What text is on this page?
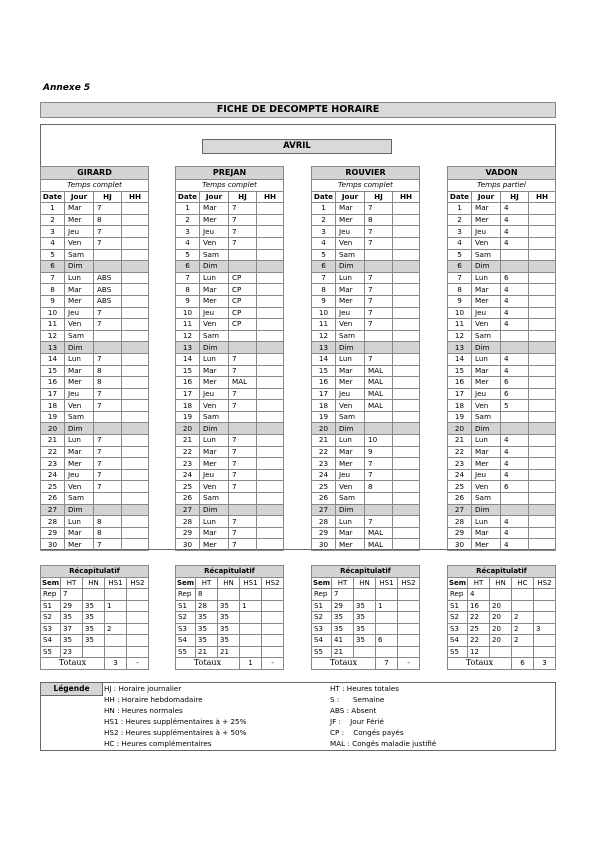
Annexe 5
FICHE DE DECOMPTE HORAIRE
AVRIL
GIRARD			
Temps complet			
Date	Jour	HJ	HH
1	Mar	7	
2	Mer	8	
3	Jeu	7	
4	Ven	7	
5	Sam		
6	Dim		
7	Lun	ABS	
8	Mar	ABS	
9	Mer	ABS	
10	Jeu	7	
11	Ven	7	
12	Sam		
13	Dim		
14	Lun	7	
15	Mar	8	
16	Mer	8	
17	Jeu	7	
18	Ven	7	
19	Sam		
20	Dim		
21	Lun	7	
22	Mar	7	
23	Mer	7	
24	Jeu	7	
25	Ven	7	
26	Sam		
27	Dim		
28	Lun	8	
29	Mar	8	
30	Mer	7	
PREJAN			
Temps complet			
Date	Jour	HJ	HH
1	Mar	7	
2	Mer	7	
3	Jeu	7	
4	Ven	7	
5	Sam		
6	Dim		
7	Lun	CP	
8	Mar	CP	
9	Mer	CP	
10	Jeu	CP	
11	Ven	CP	
12	Sam		
13	Dim		
14	Lun	7	
15	Mar	7	
16	Mer	MAL	
17	Jeu	7	
18	Ven	7	
19	Sam		
20	Dim		
21	Lun	7	
22	Mar	7	
23	Mer	7	
24	Jeu	7	
25	Ven	7	
26	Sam		
27	Dim		
28	Lun	7	
29	Mar	7	
30	Mer	7	
ROUVIER			
Temps complet			
Date	Jour	HJ	HH
1	Mar	7	
2	Mer	8	
3	Jeu	7	
4	Ven	7	
5	Sam		
6	Dim		
7	Lun	7	
8	Mar	7	
9	Mer	7	
10	Jeu	7	
11	Ven	7	
12	Sam		
13	Dim		
14	Lun	7	
15	Mar	MAL	
16	Mer	MAL	
17	Jeu	MAL	
18	Ven	MAL	
19	Sam		
20	Dim		
21	Lun	10	
22	Mar	9	
23	Mer	7	
24	Jeu	7	
25	Ven	8	
26	Sam		
27	Dim		
28	Lun	7	
29	Mar	MAL	
30	Mer	MAL	
VADON			
Temps partiel			
Date	Jour	HJ	HH
1	Mar	4	
2	Mer	4	
3	Jeu	4	
4	Ven	4	
5	Sam		
6	Dim		
7	Lun	6	
8	Mar	4	
9	Mer	4	
10	Jeu	4	
11	Ven	4	
12	Sam		
13	Dim		
14	Lun	4	
15	Mar	4	
16	Mer	6	
17	Jeu	6	
18	Ven	5	
19	Sam		
20	Dim		
21	Lun	4	
22	Mar	4	
23	Mer	4	
24	Jeu	4	
25	Ven	6	
26	Sam		
27	Dim		
28	Lun	4	
29	Mar	4	
30	Mer	4	
Récapitulatif				
Sem	HT	HN	HS1	HS2
Rep	7			
S1	29	35	1	
S2	35	35		
S3	37	35	2	
S4	35	35		
S5	23			
Totaux			3	-
Récapitulatif				
Sem	HT	HN	HS1	HS2
Rep	8			
S1	28	35	1	
S2	35	35		
S3	35	35		
S4	35	35		
S5	21	21		
Totaux			1	-
Récapitulatif				
Sem	HT	HN	HS1	HS2
Rep	7			
S1	29	35	1	
S2	35	35		
S3	35	35		
S4	41	35	6	
S5	21			
Totaux			7	-
Récapitulatif				
Sem	HT	HN	HC	HS2
Rep	4			
S1	16	20		
S2	22	20	2	
S3	25	20	2	3
S4	22	20	2	
S5	12			
Totaux			6	3
Légende	HJ : Horaire journalier
HH : Horaire hebdomadaire
HN : Heures normales
HS1 : Heures supplémentaires à + 25%
HS2 : Heures supplémentaires à + 50%
HC : Heures complémentaires
HT : Heures totales
S :      Semaine
ABS : Absent
JF :    Jour Férié
CP :    Congés payés
MAL : Congés maladie justifié
